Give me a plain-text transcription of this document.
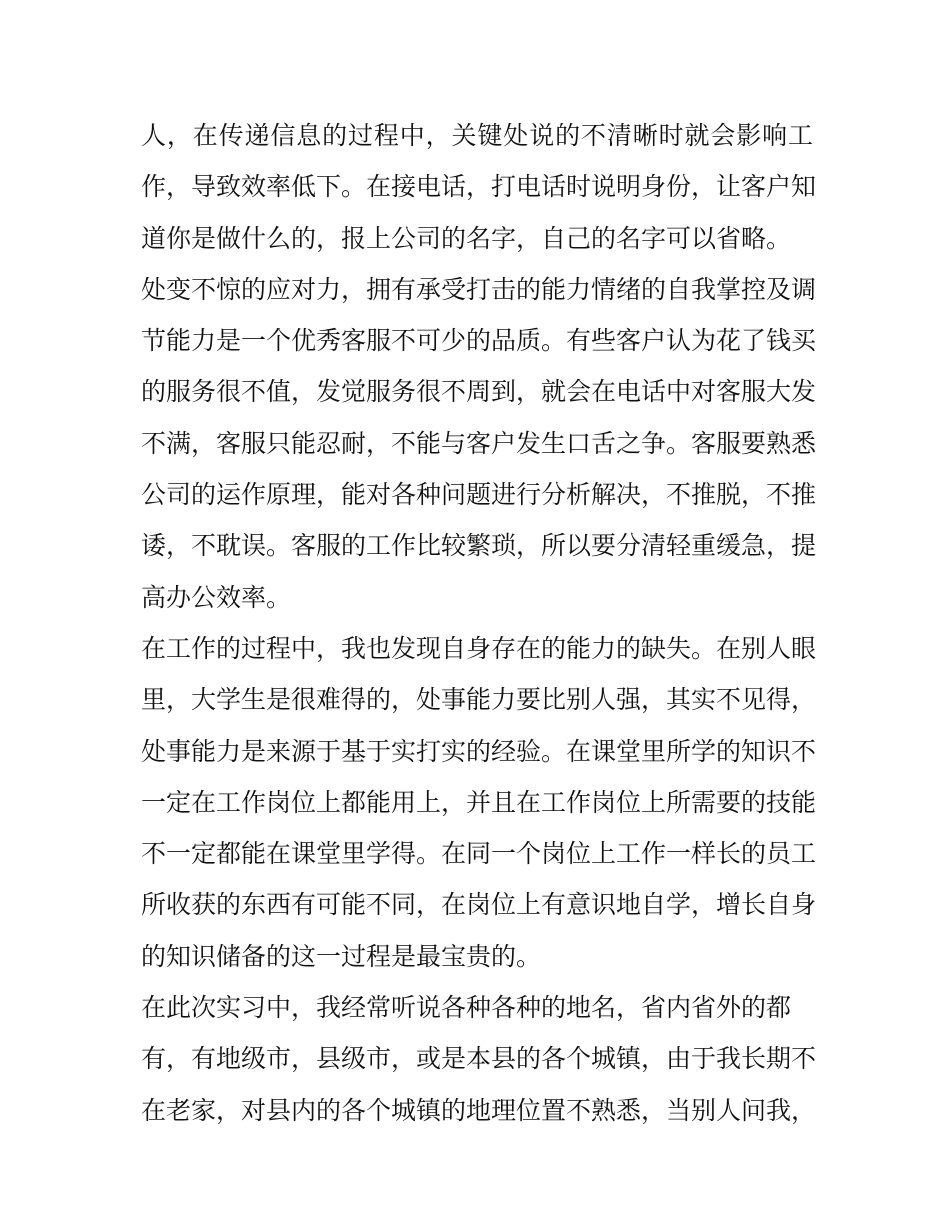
人，在传递信息的过程中，关键处说的不清晰时就会影响工
作，导致效率低下。在接电话，打电话时说明身份，让客户知
道你是做什么的，报上公司的名字，自己的名字可以省略。
处变不惊的应对力，拥有承受打击的能力情绪的自我掌控及调
节能力是一个优秀客服不可少的品质。有些客户认为花了钱买
的服务很不值，发觉服务很不周到，就会在电话中对客服大发
不满，客服只能忍耐，不能与客户发生口舌之争。客服要熟悉
公司的运作原理，能对各种问题进行分析解决，不推脱，不推
诿，不耽误。客服的工作比较繁琐，所以要分清轻重缓急，提
高办公效率。
在工作的过程中，我也发现自身存在的能力的缺失。在别人眼
里，大学生是很难得的，处事能力要比别人强，其实不见得，
处事能力是来源于基于实打实的经验。在课堂里所学的知识不
一定在工作岗位上都能用上，并且在工作岗位上所需要的技能
不一定都能在课堂里学得。在同一个岗位上工作一样长的员工
所收获的东西有可能不同，在岗位上有意识地自学，增长自身
的知识储备的这一过程是最宝贵的。
在此次实习中，我经常听说各种各种的地名，省内省外的都
有，有地级市，县级市，或是本县的各个城镇，由于我长期不
在老家，对县内的各个城镇的地理位置不熟悉，当别人问我，
